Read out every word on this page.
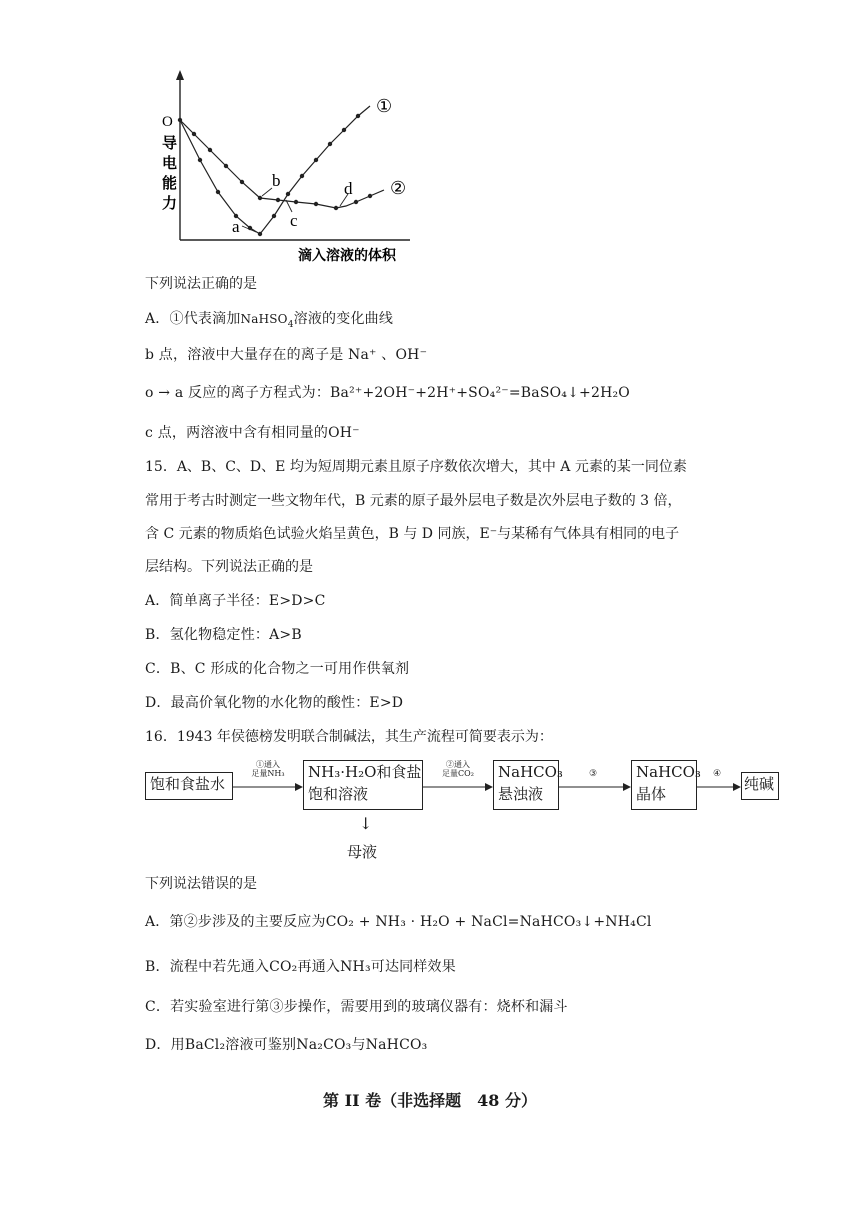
O
导
电
能
力
a
b
c
d
①
②
滴入溶液的体积
下列说法正确的是
A．①代表滴加NaHSO$_4$溶液的变化曲线
b 点，溶液中大量存在的离子是 Na⁺ 、OH⁻
o → a 反应的离子方程式为：Ba²⁺+2OH⁻+2H⁺+SO₄²⁻=BaSO₄↓+2H₂O
c 点，两溶液中含有相同量的OH⁻
15．A、B、C、D、E 均为短周期元素且原子序数依次增大，其中 A 元素的某一同位素
常用于考古时测定一些文物年代，B 元素的原子最外层电子数是次外层电子数的 3 倍，
含 C 元素的物质焰色试验火焰呈黄色，B 与 D 同族，E⁻与某稀有气体具有相同的电子
层结构。下列说法正确的是
A．简单离子半径：E>D>C
B．氢化物稳定性：A>B
C．B、C 形成的化合物之一可用作供氧剂
D．最高价氧化物的水化物的酸性：E>D
16．1943 年侯德榜发明联合制碱法，其生产流程可简要表示为：
饱和食盐水
①通入
足量NH₃	NH₃·H₂O和食盐
饱和溶液
②通入
足量CO₂	NaHCO₃
悬浊液
③	NaHCO₃
晶体
④
纯碱
↓
母液
下列说法错误的是
A．第②步涉及的主要反应为CO₂ + NH₃ · H₂O + NaCl=NaHCO₃↓+NH₄Cl
B．流程中若先通入CO₂再通入NH₃可达同样效果
C．若实验室进行第③步操作，需要用到的玻璃仪器有：烧杯和漏斗
D．用BaCl₂溶液可鉴别Na₂CO₃与NaHCO₃
第 II 卷（非选择题　48 分）
